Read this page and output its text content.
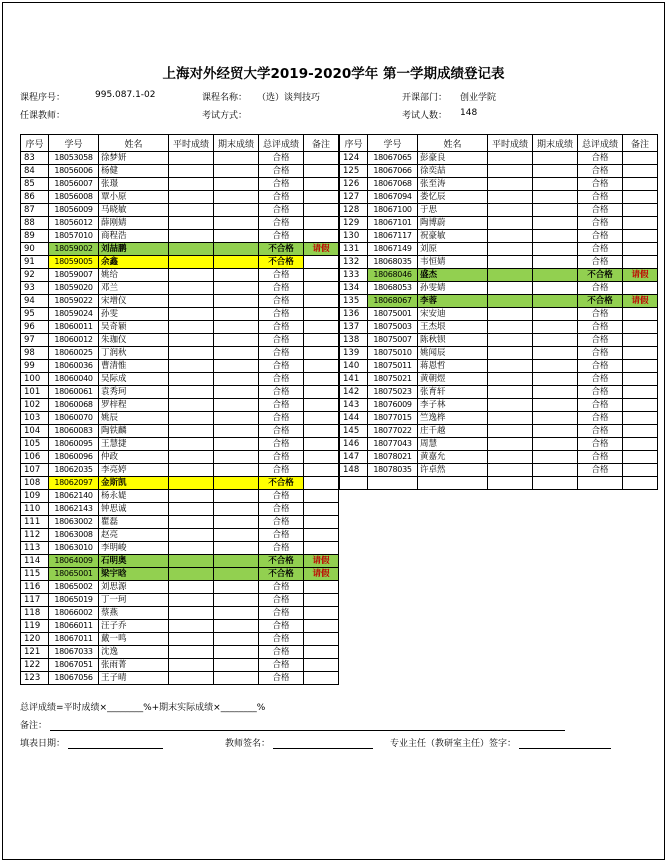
上海对外经贸大学2019-2020学年 第一学期成绩登记表
课程序号：	995.087.1-02	课程名称： （选）谈判技巧	开课部门： 创业学院
任课教师：	考试方式：	考试人数： 148
序号	学号	姓名	平时成绩	期末成绩	总评成绩	备注
83	18053058	徐梦妍			合格	
84	18056006	杨健			合格	
85	18056007	张璟			合格	
86	18056008	覃小原			合格	
87	18056009	马晓敏			合格	
88	18056012	薛刚婧			合格	
89	18057010	商程浩			合格	
90	18059002	刘喆鹏			不合格	请假
91	18059005	余鑫			不合格	
92	18059007	姚给			合格	
93	18059020	邓兰			合格	
94	18059022	宋增仪			合格	
95	18059024	孙雯			合格	
96	18060011	吴奇颖			合格	
97	18060012	朱珈仪			合格	
98	18060025	丁润秋			合格	
99	18060036	曹清惟			合格	
100	18060040	吴际成			合格	
101	18060061	袁秀珂			合格	
102	18060068	罗梓程			合格	
103	18060070	姚辰			合格	
104	18060083	陶铁麟			合格	
105	18060095	王慧捷			合格	
106	18060096	仲政			合格	
107	18062035	李亮婷			合格	
108	18062097	金斯凯			不合格	
109	18062140	杨永媞			合格	
110	18062143	钟思诚			合格	
111	18063002	瞿磊			合格	
112	18063008	赵亮			合格	
113	18063010	李明峻			合格	
114	18064009	石明奥			不合格	请假
115	18065001	梁宇晗			不合格	请假
116	18065002	刘思源			合格	
117	18065019	丁一珂			合格	
118	18066002	蔡燕			合格	
119	18066011	汪子乔			合格	
120	18067011	戴一鸣			合格	
121	18067033	沈逸			合格	
122	18067051	张雨菁			合格	
123	18067056	王子晴			合格	
序号	学号	姓名	平时成绩	期末成绩	总评成绩	备注
124	18067065	彭豪良			合格	
125	18067066	徐奕喆			合格	
126	18067068	张至涛			合格	
127	18067094	娄忆辰			合格	
128	18067100	于思			合格	
129	18067101	陶博蔚			合格	
130	18067117	祝豪敏			合格	
131	18067149	刘原			合格	
132	18068035	韦恒婧			合格	
133	18068046	盛杰			不合格	请假
134	18068053	孙雯婧			合格	
135	18068067	李蓉			不合格	请假
136	18075001	宋安迪			合格	
137	18075003	王杰垠			合格	
138	18075007	陈秋钡			合格	
139	18075010	姚闻辰			合格	
140	18075011	蒋恩哲			合格	
141	18075021	黄朝煜			合格	
142	18075023	张育轩			合格	
143	18076009	李子林			合格	
144	18077015	竺逸桦			合格	
145	18077022	庄千越			合格	
146	18077043	周慧			合格	
147	18078021	黄嘉允			合格	
148	18078035	许卓然			合格	

总评成绩=平时成绩×________%+期末实际成绩×________%
备注：
填表日期：	教师签名：	专业主任（教研室主任）签字：
